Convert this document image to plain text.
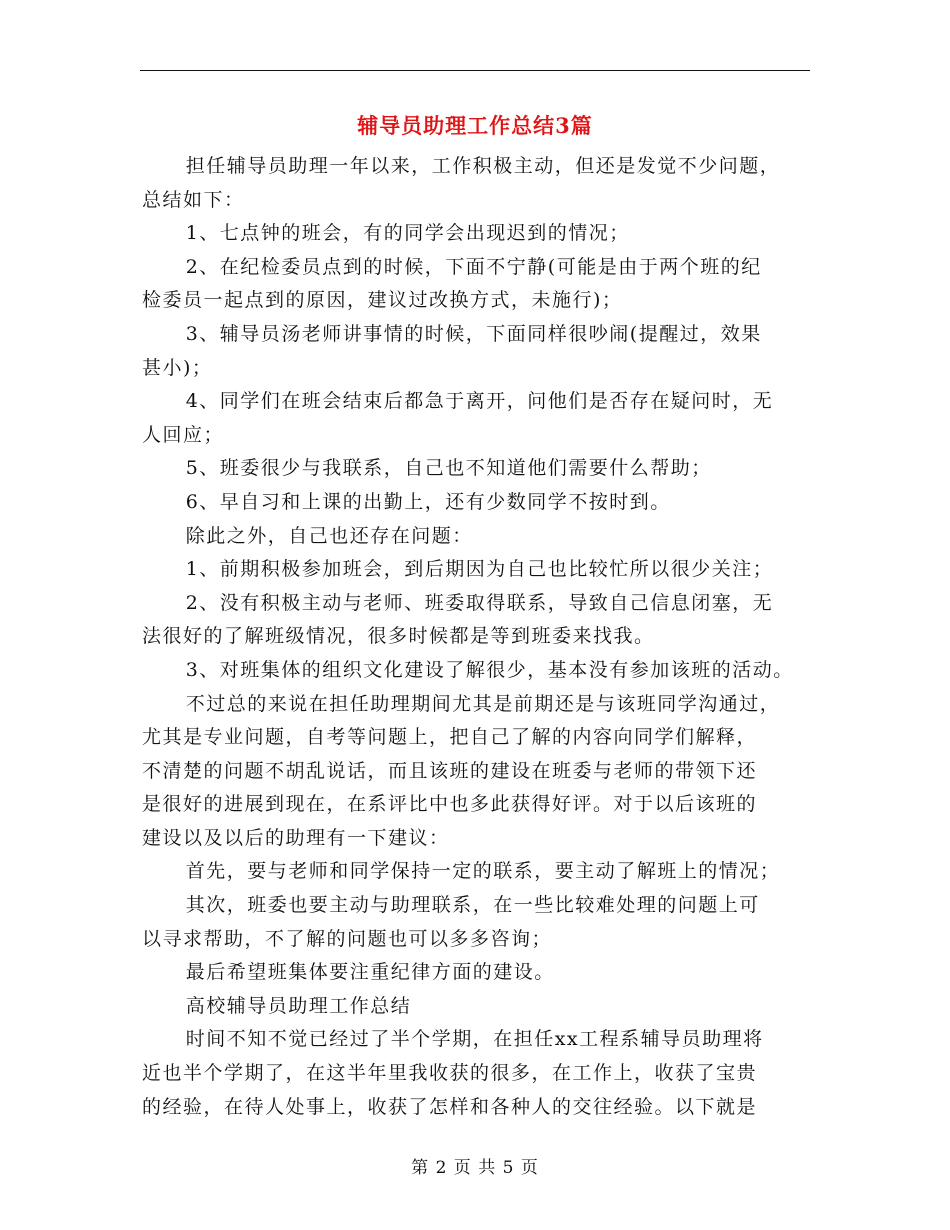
辅导员助理工作总结3篇

担任辅导员助理一年以来，工作积极主动，但还是发觉不少问题，

总结如下：

1、七点钟的班会，有的同学会出现迟到的情况；

2、在纪检委员点到的时候，下面不宁静(可能是由于两个班的纪

检委员一起点到的原因，建议过改换方式，未施行)；

3、辅导员汤老师讲事情的时候，下面同样很吵闹(提醒过，效果

甚小)；

4、同学们在班会结束后都急于离开，问他们是否存在疑问时，无

人回应；

5、班委很少与我联系，自己也不知道他们需要什么帮助；

6、早自习和上课的出勤上，还有少数同学不按时到。

除此之外，自己也还存在问题：

1、前期积极参加班会，到后期因为自己也比较忙所以很少关注；

2、没有积极主动与老师、班委取得联系，导致自己信息闭塞，无

法很好的了解班级情况，很多时候都是等到班委来找我。

3、对班集体的组织文化建设了解很少，基本没有参加该班的活动。

不过总的来说在担任助理期间尤其是前期还是与该班同学沟通过，

尤其是专业问题，自考等问题上，把自己了解的内容向同学们解释，

不清楚的问题不胡乱说话，而且该班的建设在班委与老师的带领下还

是很好的进展到现在，在系评比中也多此获得好评。对于以后该班的

建设以及以后的助理有一下建议：

首先，要与老师和同学保持一定的联系，要主动了解班上的情况；

其次，班委也要主动与助理联系，在一些比较难处理的问题上可

以寻求帮助，不了解的问题也可以多多咨询；

最后希望班集体要注重纪律方面的建设。

高校辅导员助理工作总结

时间不知不觉已经过了半个学期，在担任xx工程系辅导员助理将

近也半个学期了，在这半年里我收获的很多，在工作上，收获了宝贵

的经验，在待人处事上，收获了怎样和各种人的交往经验。以下就是

第 2 页 共 5 页
